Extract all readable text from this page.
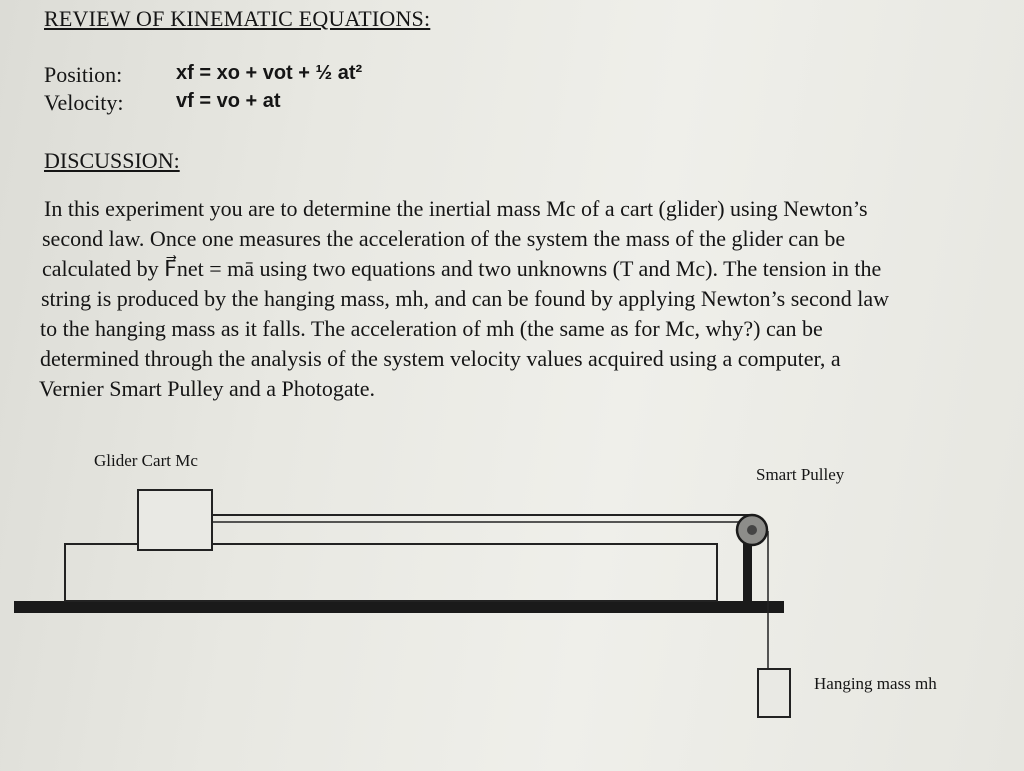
REVIEW OF KINEMATIC EQUATIONS:
Position:	xf = xo + vot + ½ at²
Velocity:	vf = vo + at
DISCUSSION:
In this experiment you are to determine the inertial mass Mc of a cart (glider) using Newton’s
second law. Once one measures the acceleration of the system the mass of the glider can be
calculated by F⃗net = mā using two equations and two unknowns (T and Mc). The tension in the
string is produced by the hanging mass, mh, and can be found by applying Newton’s second law
to the hanging mass as it falls. The acceleration of mh (the same as for Mc, why?) can be
determined through the analysis of the system velocity values acquired using a computer, a
Vernier Smart Pulley and a Photogate.
Glider Cart Mc
Smart Pulley
Hanging mass mh
